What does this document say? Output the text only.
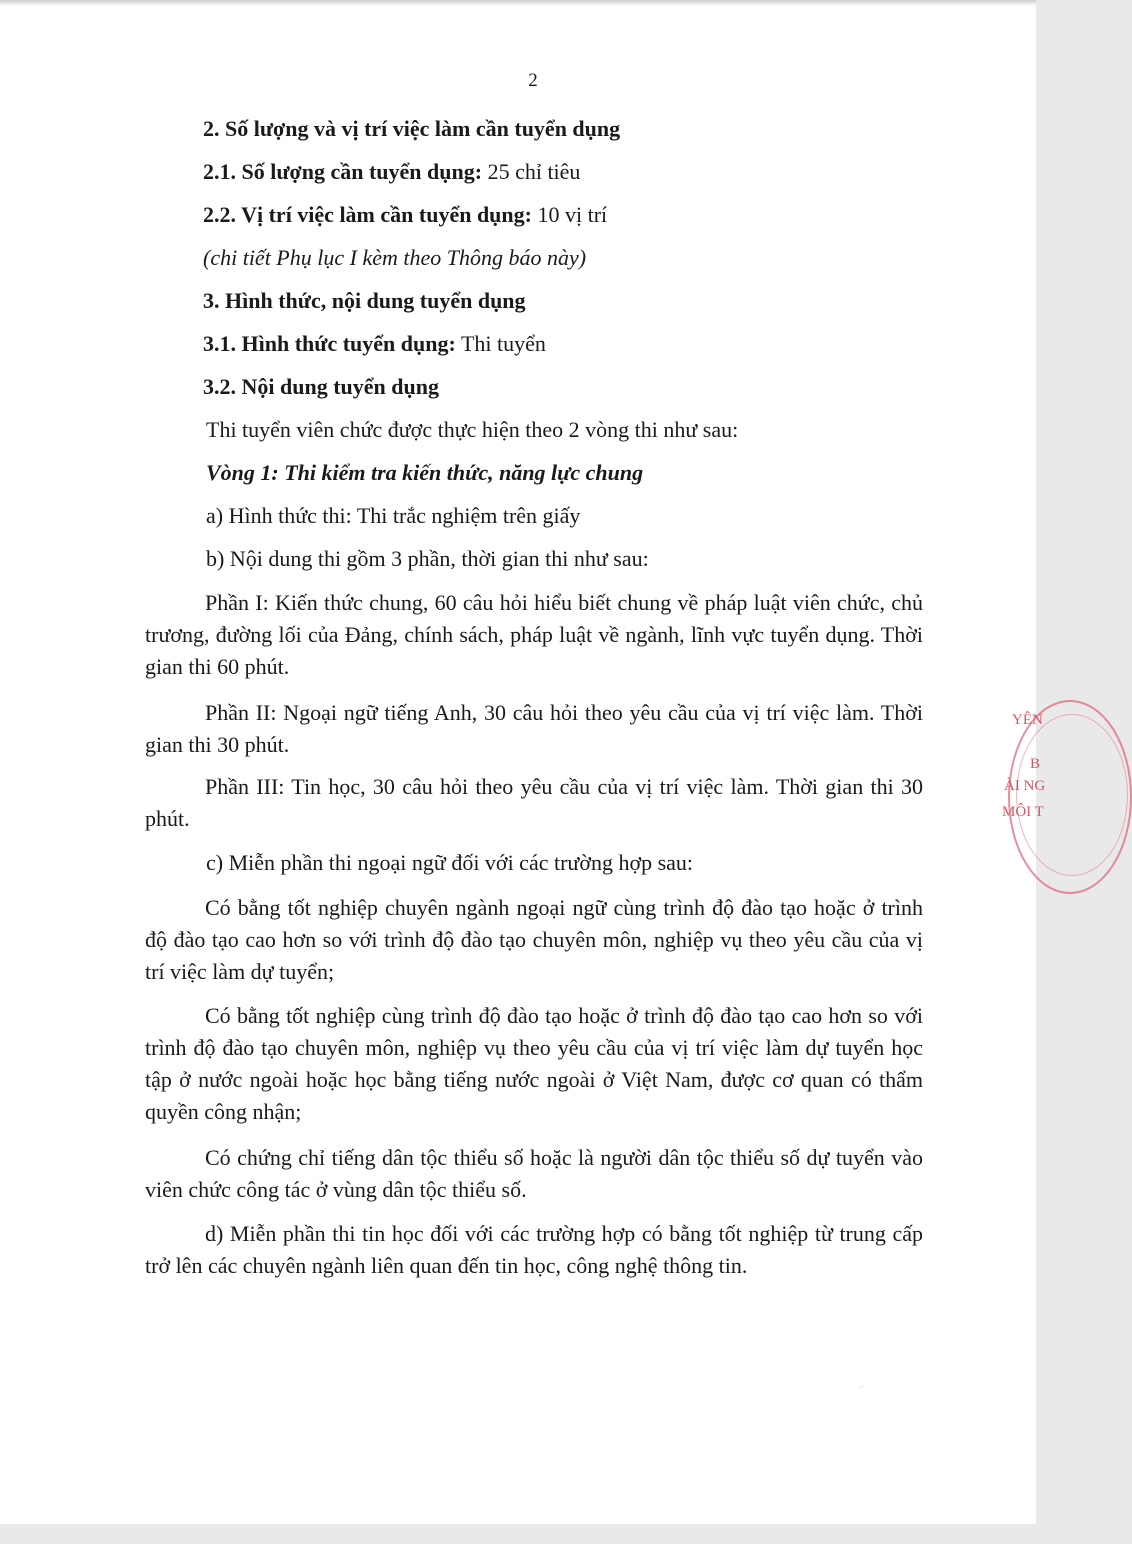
2
2. Số lượng và vị trí việc làm cần tuyển dụng
2.1. Số lượng cần tuyển dụng: 25 chỉ tiêu
2.2. Vị trí việc làm cần tuyển dụng: 10 vị trí
(chi tiết Phụ lục I kèm theo Thông báo này)
3. Hình thức, nội dung tuyển dụng
3.1. Hình thức tuyển dụng: Thi tuyển
3.2. Nội dung tuyển dụng
Thi tuyển viên chức được thực hiện theo 2 vòng thi như sau:
Vòng 1: Thi kiểm tra kiến thức, năng lực chung
a) Hình thức thi: Thi trắc nghiệm trên giấy
b) Nội dung thi gồm 3 phần, thời gian thi như sau:
Phần I: Kiến thức chung, 60 câu hỏi hiểu biết chung về pháp luật viên chức, chủ trương, đường lối của Đảng, chính sách, pháp luật về ngành, lĩnh vực tuyển dụng. Thời gian thi 60 phút.
Phần II: Ngoại ngữ tiếng Anh, 30 câu hỏi theo yêu cầu của vị trí việc làm. Thời gian thi 30 phút.
Phần III: Tin học, 30 câu hỏi theo yêu cầu của vị trí việc làm. Thời gian thi 30 phút.
c) Miễn phần thi ngoại ngữ đối với các trường hợp sau:
Có bằng tốt nghiệp chuyên ngành ngoại ngữ cùng trình độ đào tạo hoặc ở trình độ đào tạo cao hơn so với trình độ đào tạo chuyên môn, nghiệp vụ theo yêu cầu của vị trí việc làm dự tuyển;
Có bằng tốt nghiệp cùng trình độ đào tạo hoặc ở trình độ đào tạo cao hơn so với trình độ đào tạo chuyên môn, nghiệp vụ theo yêu cầu của vị trí việc làm dự tuyển học tập ở nước ngoài hoặc học bằng tiếng nước ngoài ở Việt Nam, được cơ quan có thẩm quyền công nhận;
Có chứng chỉ tiếng dân tộc thiểu số hoặc là người dân tộc thiểu số dự tuyển vào viên chức công tác ở vùng dân tộc thiểu số.
d) Miễn phần thi tin học đối với các trường hợp có bằng tốt nghiệp từ trung cấp trở lên các chuyên ngành liên quan đến tin học, công nghệ thông tin.
YÊN
B
ÀI NG
MÔI T
·’
